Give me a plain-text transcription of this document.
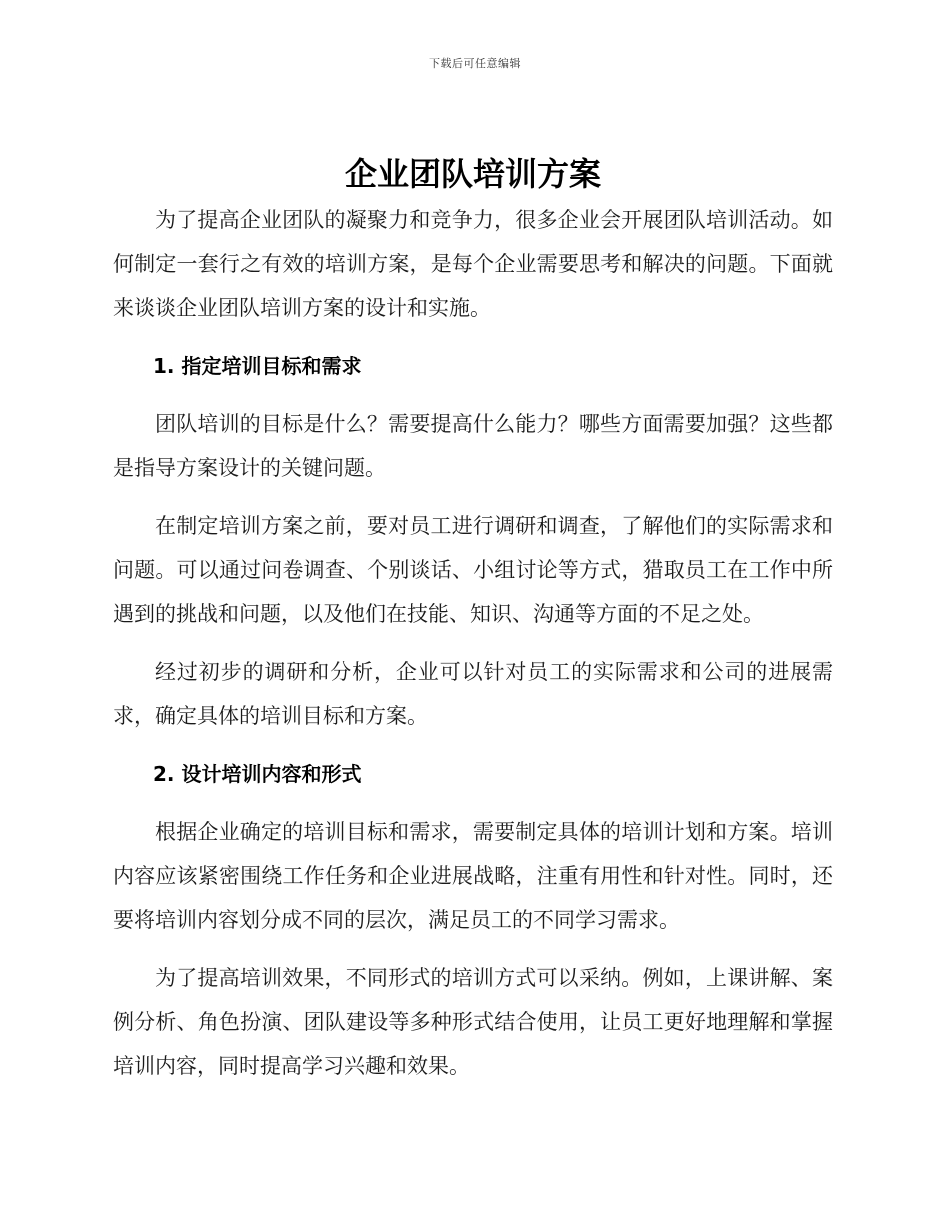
下载后可任意编辑
企业团队培训方案

为了提高企业团队的凝聚力和竞争力，很多企业会开展团队培训活动。如何制定一套行之有效的培训方案，是每个企业需要思考和解决的问题。下面就来谈谈企业团队培训方案的设计和实施。

1. 指定培训目标和需求

团队培训的目标是什么？需要提高什么能力？哪些方面需要加强？这些都是指导方案设计的关键问题。

在制定培训方案之前，要对员工进行调研和调查，了解他们的实际需求和问题。可以通过问卷调查、个别谈话、小组讨论等方式，猎取员工在工作中所遇到的挑战和问题，以及他们在技能、知识、沟通等方面的不足之处。

经过初步的调研和分析，企业可以针对员工的实际需求和公司的进展需求，确定具体的培训目标和方案。

2. 设计培训内容和形式

根据企业确定的培训目标和需求，需要制定具体的培训计划和方案。培训内容应该紧密围绕工作任务和企业进展战略，注重有用性和针对性。同时，还要将培训内容划分成不同的层次，满足员工的不同学习需求。

为了提高培训效果，不同形式的培训方式可以采纳。例如，上课讲解、案例分析、角色扮演、团队建设等多种形式结合使用，让员工更好地理解和掌握培训内容，同时提高学习兴趣和效果。
